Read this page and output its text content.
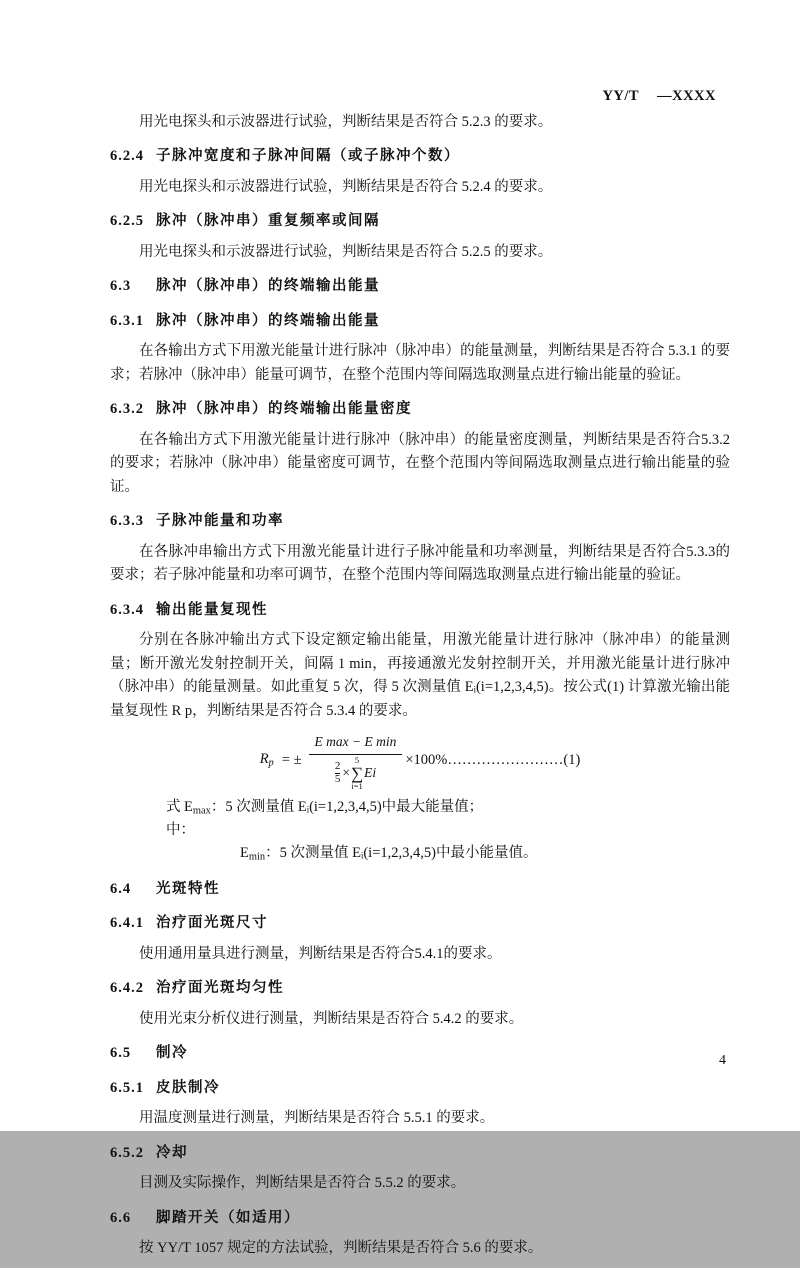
YY/T —XXXX

用光电探头和示波器进行试验，判断结果是否符合 5.2.3 的要求。

6.2.4 子脉冲宽度和子脉冲间隔（或子脉冲个数）

用光电探头和示波器进行试验，判断结果是否符合 5.2.4 的要求。

6.2.5 脉冲（脉冲串）重复频率或间隔

用光电探头和示波器进行试验，判断结果是否符合 5.2.5 的要求。

6.3 脉冲（脉冲串）的终端输出能量
6.3.1 脉冲（脉冲串）的终端输出能量

在各输出方式下用激光能量计进行脉冲（脉冲串）的能量测量，判断结果是否符合 5.3.1 的要求；若脉冲（脉冲串）能量可调节，在整个范围内等间隔选取测量点进行输出能量的验证。

6.3.2 脉冲（脉冲串）的终端输出能量密度

在各输出方式下用激光能量计进行脉冲（脉冲串）的能量密度测量，判断结果是否符合5.3.2的要求；若脉冲（脉冲串）能量密度可调节，在整个范围内等间隔选取测量点进行输出能量的验证。

6.3.3 子脉冲能量和功率

在各脉冲串输出方式下用激光能量计进行子脉冲能量和功率测量，判断结果是否符合5.3.3的要求；若子脉冲能量和功率可调节，在整个范围内等间隔选取测量点进行输出能量的验证。

6.3.4 输出能量复现性

分别在各脉冲输出方式下设定额定输出能量，用激光能量计进行脉冲（脉冲串）的能量测量；断开激光发射控制开关，间隔 1 min，再接通激光发射控制开关，并用激光能量计进行脉冲（脉冲串）的能量测量。如此重复 5 次，得 5 次测量值 Eᵢ(i=1,2,3,4,5)。按公式(1) 计算激光输出能量复现性 R p，判断结果是否符合 5.3.4 的要求。

$R_p$ = ±
E max − E min
2
5 ×
5
∑
i=1
Ei
×100% …………………… (1)
式中：
$E_{max}$：5 次测量值 Eᵢ(i=1,2,3,4,5)中最大能量值；
$E_{min}$：5 次测量值 Eᵢ(i=1,2,3,4,5)中最小能量值。
6.4 光斑特性
6.4.1 治疗面光斑尺寸

使用通用量具进行测量，判断结果是否符合5.4.1的要求。

6.4.2 治疗面光斑均匀性

使用光束分析仪进行测量，判断结果是否符合 5.4.2 的要求。

6.5 制冷
6.5.1 皮肤制冷

用温度测量进行测量，判断结果是否符合 5.5.1 的要求。

6.5.2 冷却

目测及实际操作，判断结果是否符合 5.5.2 的要求。

6.6 脚踏开关（如适用）

按 YY/T 1057 规定的方法试验，判断结果是否符合 5.6 的要求。

4
